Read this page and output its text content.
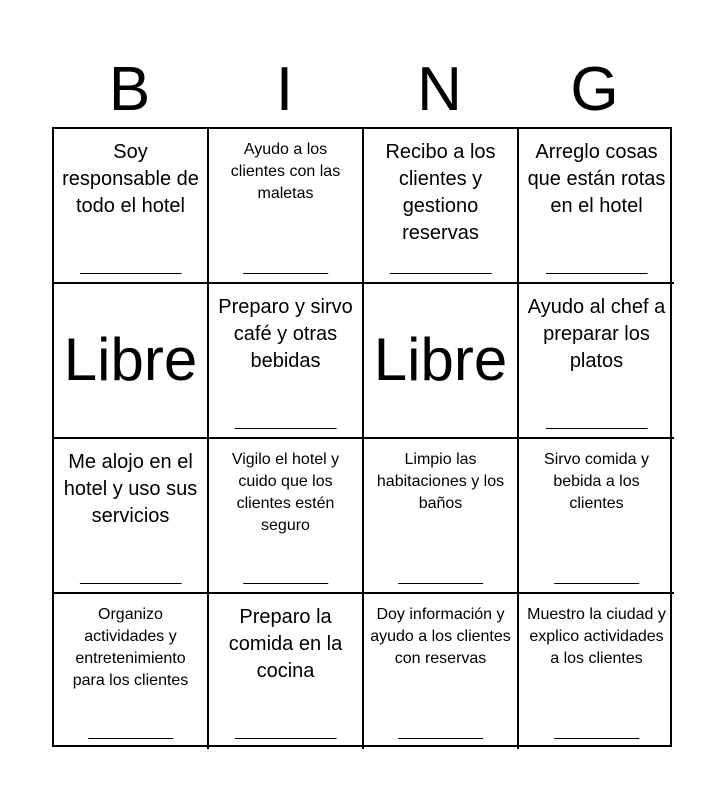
B	I	N	G
Soy responsable de todo el hotel
____________
Ayudo a los clientes con las maletas
__________
Recibo a los clientes y gestiono reservas
____________
Arreglo cosas que están rotas en el hotel
____________
Libre
Preparo y sirvo café y otras bebidas
____________
Libre
Ayudo al chef a preparar los platos
____________
Me alojo en el hotel y uso sus servicios
____________
Vigilo el hotel y cuido que los clientes estén seguro
__________
Limpio las habitaciones y los baños
__________
Sirvo comida y bebida a los clientes
__________
Organizo actividades y entretenimiento para los clientes
__________
Preparo la comida en la cocina
____________
Doy información y ayudo a los clientes con reservas
__________
Muestro la ciudad y explico actividades a los clientes
__________
